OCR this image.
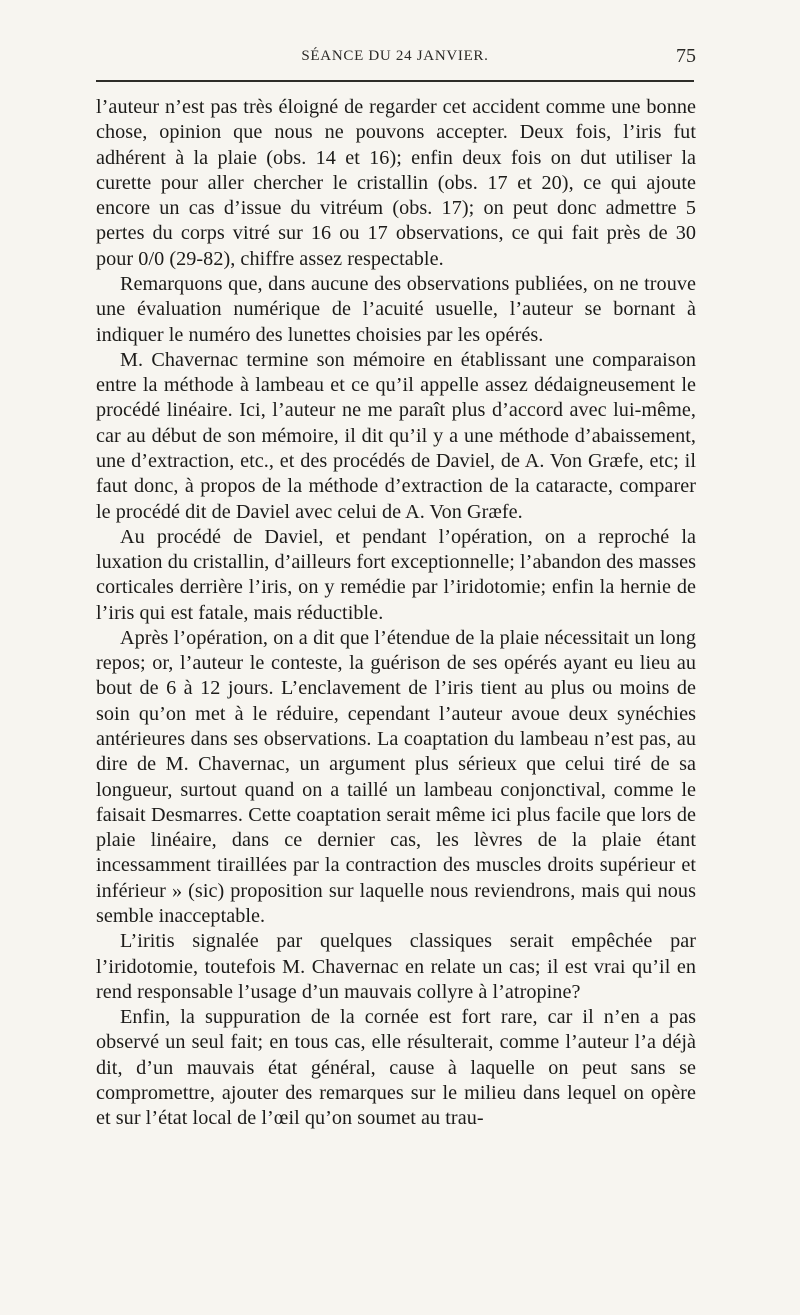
SÉANCE DU 24 JANVIER.	75

l’auteur n’est pas très éloigné de regarder cet accident comme une bonne chose, opinion que nous ne pouvons accepter. Deux fois, l’iris fut adhérent à la plaie (obs. 14 et 16); enfin deux fois on dut utiliser la curette pour aller chercher le cristallin (obs. 17 et 20), ce qui ajoute encore un cas d’issue du vitréum (obs. 17); on peut donc admettre 5 pertes du corps vitré sur 16 ou 17 observations, ce qui fait près de 30 pour 0/0 (29-82), chiffre assez respectable.

Remarquons que, dans aucune des observations publiées, on ne trouve une évaluation numérique de l’acuité usuelle, l’auteur se bornant à indiquer le numéro des lunettes choisies par les opérés.

M. Chavernac termine son mémoire en établissant une comparaison entre la méthode à lambeau et ce qu’il appelle assez dédaigneusement le procédé linéaire. Ici, l’auteur ne me paraît plus d’accord avec lui-même, car au début de son mémoire, il dit qu’il y a une méthode d’abaissement, une d’extraction, etc., et des procédés de Daviel, de A. Von Græfe, etc; il faut donc, à propos de la méthode d’extraction de la cataracte, comparer le procédé dit de Daviel avec celui de A. Von Græfe.

Au procédé de Daviel, et pendant l’opération, on a reproché la luxation du cristallin, d’ailleurs fort exceptionnelle; l’abandon des masses corticales derrière l’iris, on y remédie par l’iridotomie; enfin la hernie de l’iris qui est fatale, mais réductible.

Après l’opération, on a dit que l’étendue de la plaie nécessitait un long repos; or, l’auteur le conteste, la guérison de ses opérés ayant eu lieu au bout de 6 à 12 jours. L’enclavement de l’iris tient au plus ou moins de soin qu’on met à le réduire, cependant l’auteur avoue deux synéchies antérieures dans ses observations. La coaptation du lambeau n’est pas, au dire de M. Chavernac, un argument plus sérieux que celui tiré de sa longueur, surtout quand on a taillé un lambeau conjonctival, comme le faisait Desmarres. Cette coaptation serait même ici plus facile que lors de plaie linéaire, dans ce dernier cas, les lèvres de la plaie étant incessamment tiraillées par la contraction des muscles droits supérieur et inférieur » (sic) proposition sur laquelle nous reviendrons, mais qui nous semble inacceptable.

L’iritis signalée par quelques classiques serait empêchée par l’iridotomie, toutefois M. Chavernac en relate un cas; il est vrai qu’il en rend responsable l’usage d’un mauvais collyre à l’atropine?

Enfin, la suppuration de la cornée est fort rare, car il n’en a pas observé un seul fait; en tous cas, elle résulterait, comme l’auteur l’a déjà dit, d’un mauvais état général, cause à laquelle on peut sans se compromettre, ajouter des remarques sur le milieu dans lequel on opère et sur l’état local de l’œil qu’on soumet au trau-
